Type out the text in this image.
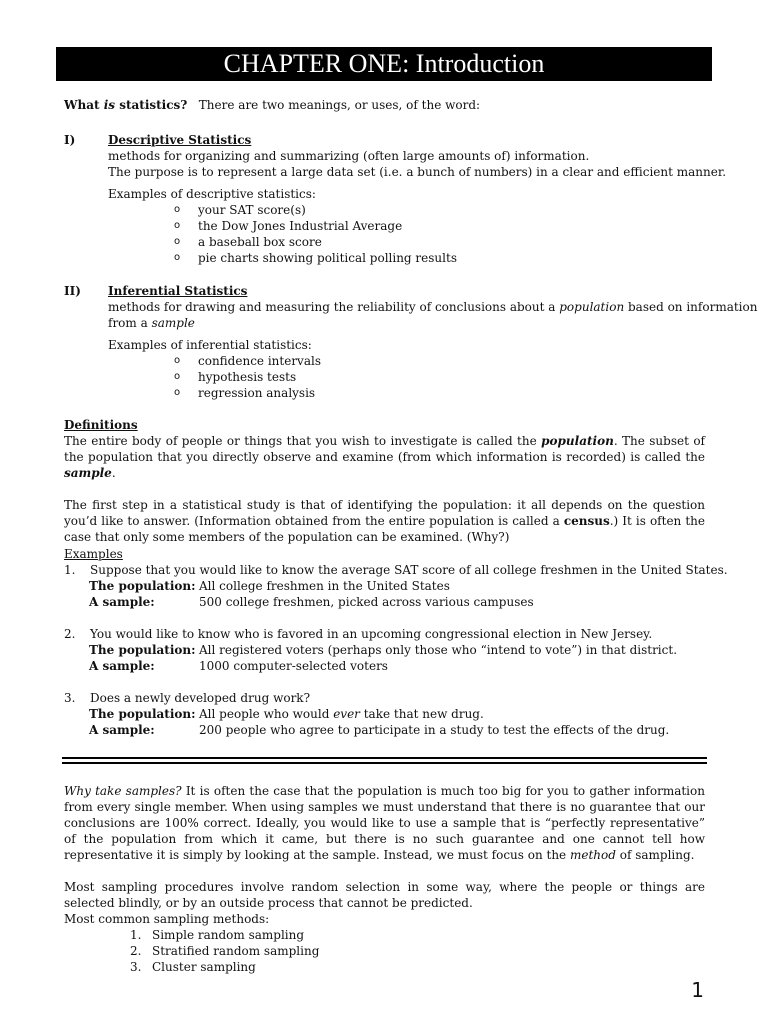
CHAPTER ONE: Introduction
What is statistics? There are two meanings, or uses, of the word:
I)	Descriptive Statistics
methods for organizing and summarizing (often large amounts of) information.
The purpose is to represent a large data set (i.e. a bunch of numbers) in a clear and efficient manner.
Examples of descriptive statistics:
o your SAT score(s)
o the Dow Jones Industrial Average
o a baseball box score
o pie charts showing political polling results
II) Inferential Statistics
methods for drawing and measuring the reliability of conclusions about a population based on information
from a sample
Examples of inferential statistics:
o confidence intervals
o hypothesis tests
o regression analysis
Definitions
The entire body of people or things that you wish to investigate is called the population. The subset of the population that you directly observe and examine (from which information is recorded) is called the sample.
The first step in a statistical study is that of identifying the population: it all depends on the question you’d like to answer. (Information obtained from the entire population is called a census.) It is often the case that only some members of the population can be examined. (Why?)
Examples
1. Suppose that you would like to know the average SAT score of all college freshmen in the United States.
The population: All college freshmen in the United States
A sample:	500 college freshmen, picked across various campuses
2. You would like to know who is favored in an upcoming congressional election in New Jersey.
The population: All registered voters (perhaps only those who “intend to vote”) in that district.
A sample:	1000 computer-selected voters
3. Does a newly developed drug work?
The population: All people who would ever take that new drug.
A sample:	200 people who agree to participate in a study to test the effects of the drug.
Why take samples? It is often the case that the population is much too big for you to gather information from every single member. When using samples we must understand that there is no guarantee that our conclusions are 100% correct. Ideally, you would like to use a sample that is “perfectly representative” of the population from which it came, but there is no such guarantee and one cannot tell how representative it is simply by looking at the sample. Instead, we must focus on the method of sampling.
Most sampling procedures involve random selection in some way, where the people or things are selected blindly, or by an outside process that cannot be predicted.
Most common sampling methods:
1. Simple random sampling
2. Stratified random sampling
3. Cluster sampling
1
